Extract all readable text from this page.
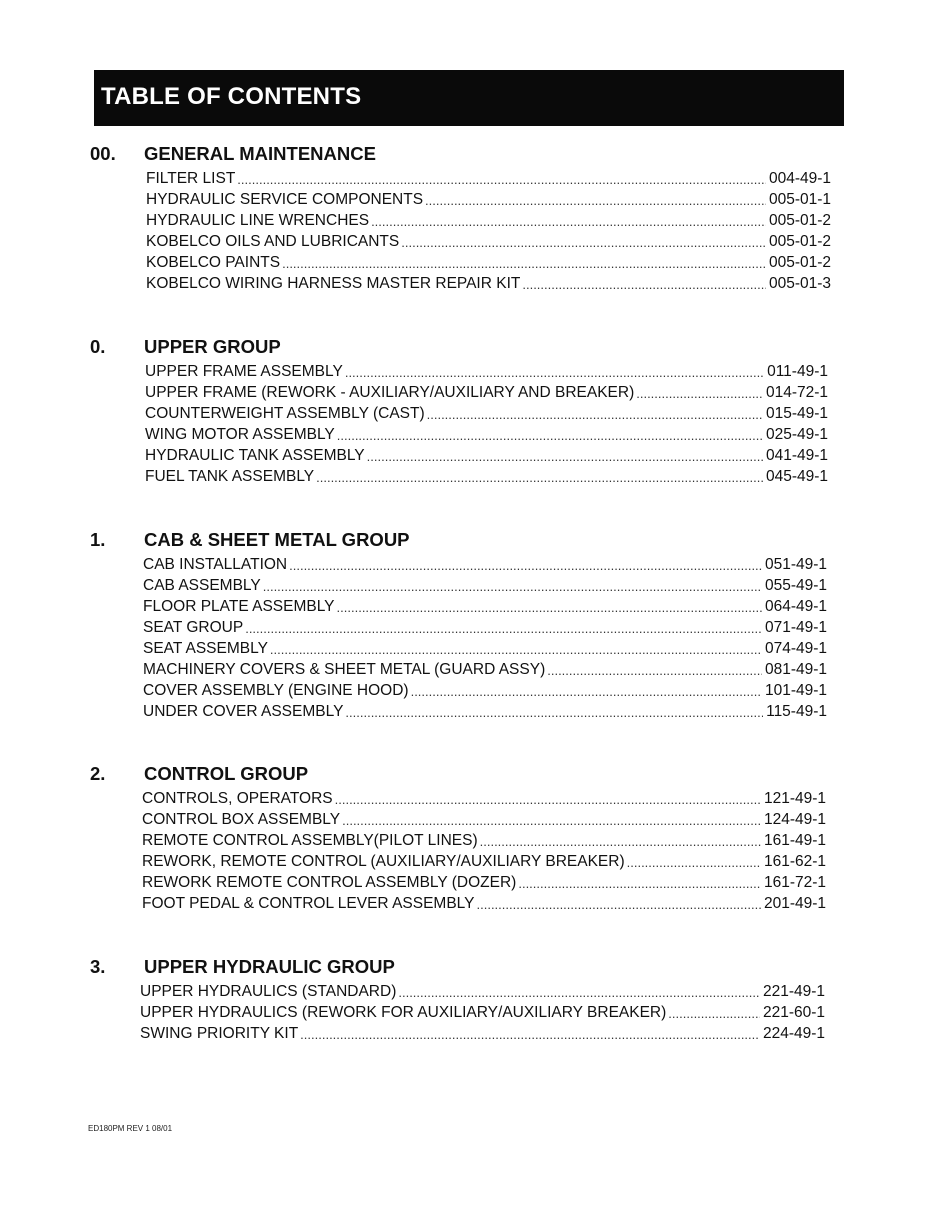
TABLE OF CONTENTS
00.	GENERAL MAINTENANCE
FILTER LIST .....	004-49-1
HYDRAULIC SERVICE COMPONENTS .....	005-01-1
HYDRAULIC LINE WRENCHES .....	005-01-2
KOBELCO OILS AND LUBRICANTS .....	005-01-2
KOBELCO PAINTS .....	005-01-2
KOBELCO WIRING HARNESS MASTER REPAIR KIT .....	005-01-3
0.	UPPER GROUP
UPPER FRAME ASSEMBLY .....	011-49-1
UPPER FRAME (REWORK - AUXILIARY/AUXILIARY AND BREAKER) .....	014-72-1
COUNTERWEIGHT ASSEMBLY (CAST) .....	015-49-1
WING MOTOR ASSEMBLY .....	025-49-1
HYDRAULIC TANK ASSEMBLY .....	041-49-1
FUEL TANK ASSEMBLY .....	045-49-1
1.	CAB & SHEET METAL GROUP
CAB INSTALLATION .....	051-49-1
CAB ASSEMBLY .....	055-49-1
FLOOR PLATE ASSEMBLY .....	064-49-1
SEAT GROUP .....	071-49-1
SEAT ASSEMBLY .....	074-49-1
MACHINERY COVERS & SHEET METAL (GUARD ASSY) .....	081-49-1
COVER ASSEMBLY (ENGINE HOOD) .....	101-49-1
UNDER COVER ASSEMBLY .....	115-49-1
2.	CONTROL GROUP
CONTROLS, OPERATORS .....	121-49-1
CONTROL BOX ASSEMBLY .....	124-49-1
REMOTE CONTROL ASSEMBLY(PILOT LINES) .....	161-49-1
REWORK, REMOTE CONTROL (AUXILIARY/AUXILIARY BREAKER) .....	161-62-1
REWORK REMOTE CONTROL ASSEMBLY (DOZER) .....	161-72-1
FOOT PEDAL & CONTROL LEVER ASSEMBLY .....	201-49-1
3.	UPPER HYDRAULIC GROUP
UPPER HYDRAULICS (STANDARD) .....	221-49-1
UPPER HYDRAULICS (REWORK FOR AUXILIARY/AUXILIARY BREAKER) .....	221-60-1
SWING PRIORITY KIT .....	224-49-1
ED180PM REV 1 08/01
